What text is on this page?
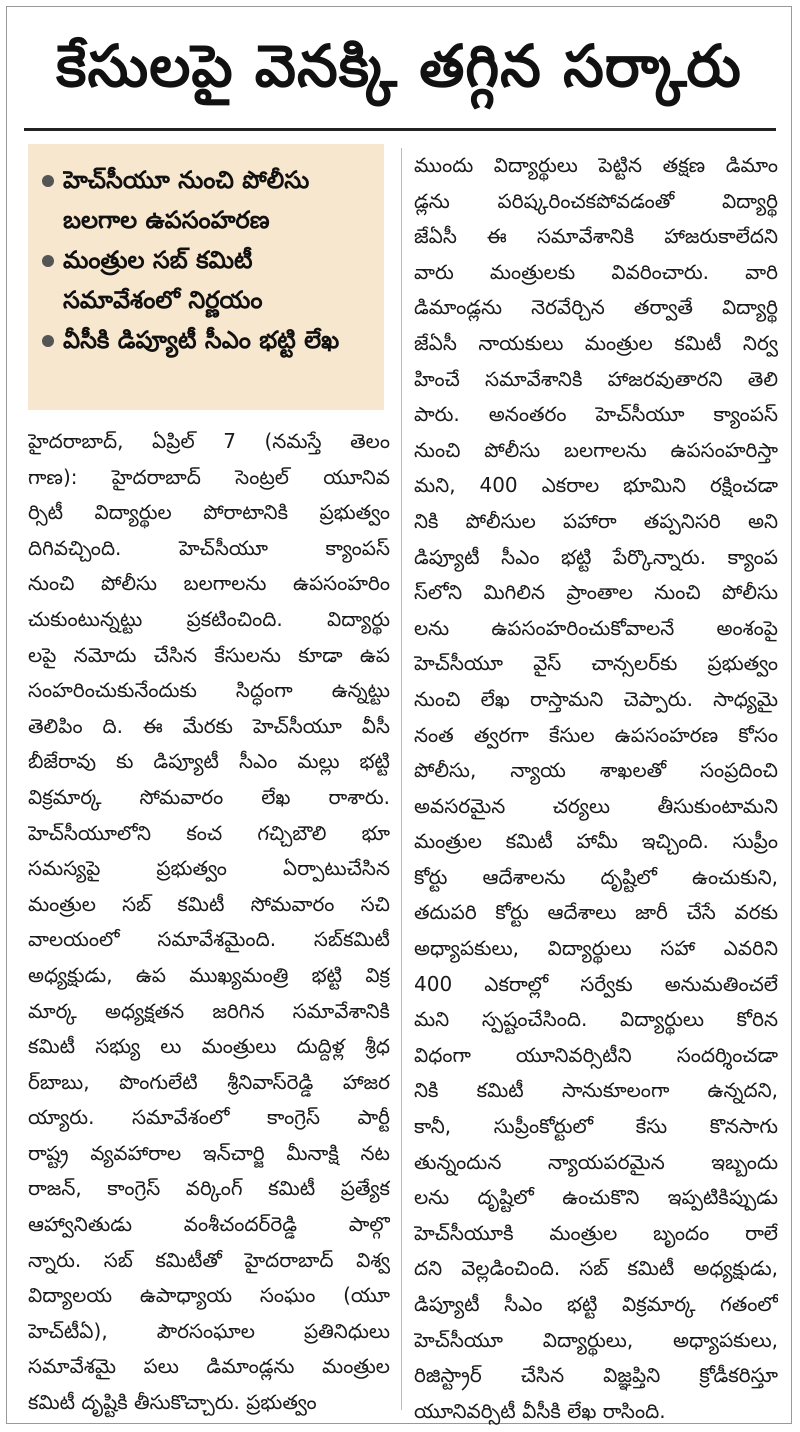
కేసులపై వెనక్కి తగ్గిన సర్కారు
హెచ్‌సీయూ నుంచి పోలీసు
బలగాల ఉపసంహరణ
మంత్రుల సబ్ కమిటీ
సమావేశంలో నిర్ణయం
వీసీకి డిప్యూటీ సీఎం భట్టి లేఖ
హైదరాబాద్, ఏప్రిల్ 7 (నమస్తే తెలం
గాణ): హైదరాబాద్ సెంట్రల్ యూనివ
ర్సిటీ విద్యార్థుల పోరాటానికి ప్రభుత్వం
దిగివచ్చింది. హెచ్‌సీయూ క్యాంపస్
నుంచి పోలీసు బలగాలను ఉపసంహరిం
చుకుంటున్నట్టు ప్రకటించింది. విద్యార్థు
లపై నమోదు చేసిన కేసులను కూడా ఉప
సంహరించుకునేందుకు సిద్ధంగా ఉన్నట్టు
తెలిపిం ది. ఈ మేరకు హెచ్‌సీయూ వీసీ
బీజేరావు కు డిప్యూటీ సీఎం మల్లు భట్టి
విక్రమార్క సోమవారం లేఖ రాశారు.
హెచ్‌సీయూలోని కంచ గచ్చిబౌలి భూ
సమస్యపై ప్రభుత్వం ఏర్పాటుచేసిన
మంత్రుల సబ్ కమిటీ సోమవారం సచి
వాలయంలో సమావేశమైంది. సబ్‌కమిటీ
అధ్యక్షుడు, ఉప ముఖ్యమంత్రి భట్టి విక్ర
మార్క అధ్యక్షతన జరిగిన సమావేశానికి
కమిటీ సభ్యు లు మంత్రులు దుద్దిళ్ల శ్రీధ
ర్‌బాబు, పొంగులేటి శ్రీనివాస్‌రెడ్డి హాజర
య్యారు. సమావేశంలో కాంగ్రెస్ పార్టీ
రాష్ట్ర వ్యవహారాల ఇన్‌చార్జి మీనాక్షి నట
రాజన్, కాంగ్రెస్ వర్కింగ్ కమిటీ ప్రత్యేక
ఆహ్వానితుడు వంశీచందర్‌రెడ్డి పాల్గొ
న్నారు. సబ్ కమిటీతో హైదరాబాద్ విశ్వ
విద్యాలయ ఉపాధ్యాయ సంఘం (యూ
హెచ్‌టీఏ), పౌరసంఘాల ప్రతినిధులు
సమావేశమై పలు డిమాండ్లను మంత్రుల
కమిటీ దృష్టికి తీసుకొచ్చారు. ప్రభుత్వం
ముందు విద్యార్థులు పెట్టిన తక్షణ డిమాం
డ్లను పరిష్కరించకపోవడంతో విద్యార్థి
జేఏసీ ఈ సమావేశానికి హాజరుకాలేదని
వారు మంత్రులకు వివరించారు. వారి
డిమాండ్లను నెరవేర్చిన తర్వాతే విద్యార్థి
జేఏసీ నాయకులు మంత్రుల కమిటీ నిర్వ
హించే సమావేశానికి హాజరవుతారని తెలి
పారు. అనంతరం హెచ్‌సీయూ క్యాంపస్
నుంచి పోలీసు బలగాలను ఉపసంహరిస్తా
మని, 400 ఎకరాల భూమిని రక్షించడా
నికి పోలీసుల పహారా తప్పనిసరి అని
డిప్యూటీ సీఎం భట్టి పేర్కొన్నారు. క్యాంప
స్‌లోని మిగిలిన ప్రాంతాల నుంచి పోలీసు
లను ఉపసంహరించుకోవాలనే అంశంపై
హెచ్‌సీయూ వైస్ చాన్సలర్‌కు ప్రభుత్వం
నుంచి లేఖ రాస్తామని చెప్పారు. సాధ్యమై
నంత త్వరగా కేసుల ఉపసంహరణ కోసం
పోలీసు, న్యాయ శాఖలతో సంప్రదించి
అవసరమైన చర్యలు తీసుకుంటామని
మంత్రుల కమిటీ హామీ ఇచ్చింది. సుప్రీం
కోర్టు ఆదేశాలను దృష్టిలో ఉంచుకుని,
తదుపరి కోర్టు ఆదేశాలు జారీ చేసే వరకు
అధ్యాపకులు, విద్యార్థులు సహా ఎవరిని
400 ఎకరాల్లో సర్వేకు అనుమతించలే
మని స్పష్టంచేసింది. విద్యార్థులు కోరిన
విధంగా యూనివర్సిటీని సందర్శించడా
నికి కమిటీ సానుకూలంగా ఉన్నదని,
కానీ, సుప్రీంకోర్టులో కేసు కొనసాగు
తున్నందున న్యాయపరమైన ఇబ్బందు
లను దృష్టిలో ఉంచుకొని ఇప్పటికిప్పుడు
హెచ్‌సీయూకి మంత్రుల బృందం రాలే
దని వెల్లడించింది. సబ్ కమిటీ అధ్యక్షుడు,
డిప్యూటీ సీఎం భట్టి విక్రమార్క గతంలో
హెచ్‌సీయూ విద్యార్థులు, అధ్యాపకులు,
రిజిస్ట్రార్ చేసిన విజ్ఞప్తిని క్రోడీకరిస్తూ
యూనివర్సిటీ వీసీకి లేఖ రాసింది.
